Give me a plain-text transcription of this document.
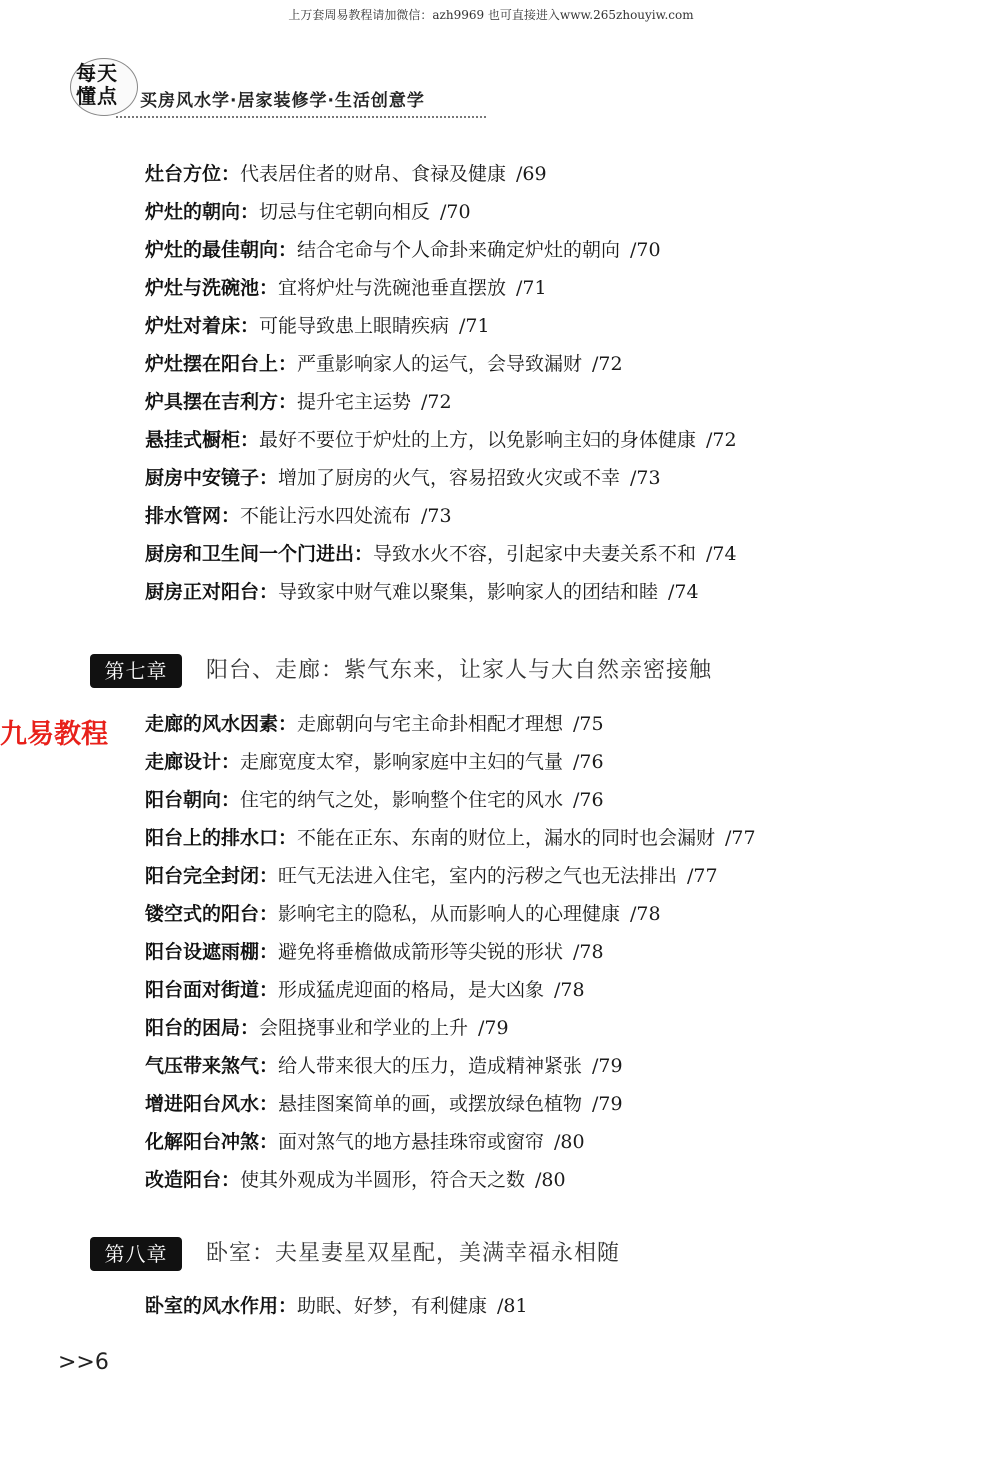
上万套周易教程请加微信：azh9969 也可直接进入www.265zhouyiw.com
每天懂点	买房风水学·居家装修学·生活创意学
灶台方位：代表居住者的财帛、食禄及健康 /69
炉灶的朝向：切忌与住宅朝向相反 /70
炉灶的最佳朝向：结合宅命与个人命卦来确定炉灶的朝向 /70
炉灶与洗碗池：宜将炉灶与洗碗池垂直摆放 /71
炉灶对着床：可能导致患上眼睛疾病 /71
炉灶摆在阳台上：严重影响家人的运气，会导致漏财 /72
炉具摆在吉利方：提升宅主运势 /72
悬挂式橱柜：最好不要位于炉灶的上方，以免影响主妇的身体健康 /72
厨房中安镜子：增加了厨房的火气，容易招致火灾或不幸 /73
排水管网：不能让污水四处流布 /73
厨房和卫生间一个门进出：导致水火不容，引起家中夫妻关系不和 /74
厨房正对阳台：导致家中财气难以聚集，影响家人的团结和睦 /74
第七章	阳台、走廊：紫气东来，让家人与大自然亲密接触
九易教程 走廊的风水因素：走廊朝向与宅主命卦相配才理想 /75
走廊设计：走廊宽度太窄，影响家庭中主妇的气量 /76
阳台朝向：住宅的纳气之处，影响整个住宅的风水 /76
阳台上的排水口：不能在正东、东南的财位上，漏水的同时也会漏财 /77
阳台完全封闭：旺气无法进入住宅，室内的污秽之气也无法排出 /77
镂空式的阳台：影响宅主的隐私，从而影响人的心理健康 /78
阳台设遮雨棚：避免将垂檐做成箭形等尖锐的形状 /78
阳台面对街道：形成猛虎迎面的格局，是大凶象 /78
阳台的困局：会阻挠事业和学业的上升 /79
气压带来煞气：给人带来很大的压力，造成精神紧张 /79
增进阳台风水：悬挂图案简单的画，或摆放绿色植物 /79
化解阳台冲煞：面对煞气的地方悬挂珠帘或窗帘 /80
改造阳台：使其外观成为半圆形，符合天之数 /80
第八章	卧室：夫星妻星双星配，美满幸福永相随
卧室的风水作用：助眠、好梦，有利健康 /81
>>6
